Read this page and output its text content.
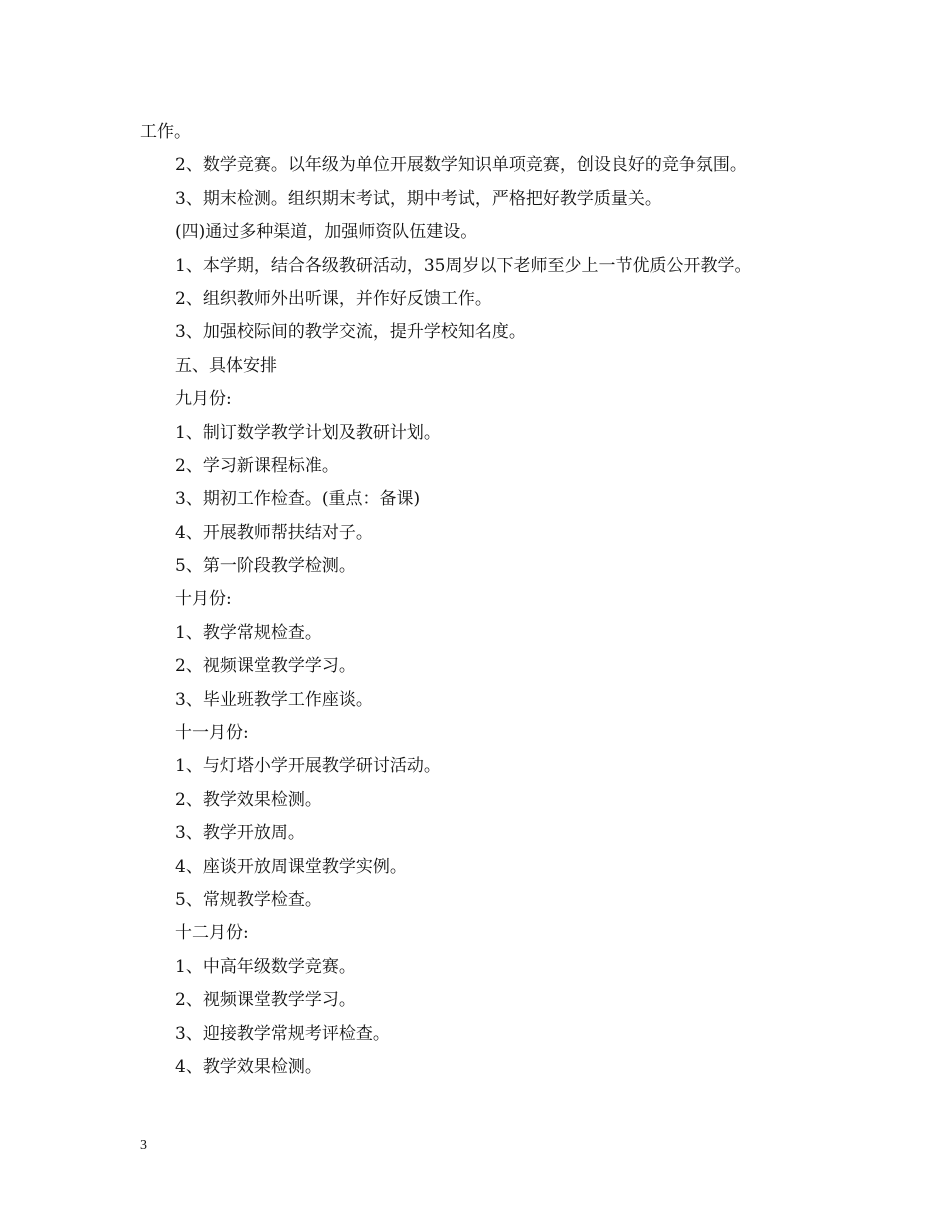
工作。
2、数学竞赛。以年级为单位开展数学知识单项竞赛，创设良好的竞争氛围。
3、期末检测。组织期末考试，期中考试，严格把好教学质量关。
(四)通过多种渠道，加强师资队伍建设。
1、本学期，结合各级教研活动，35周岁以下老师至少上一节优质公开教学。
2、组织教师外出听课，并作好反馈工作。
3、加强校际间的教学交流，提升学校知名度。
五、具体安排
九月份:
1、制订数学教学计划及教研计划。
2、学习新课程标准。
3、期初工作检查。(重点：备课)
4、开展教师帮扶结对子。
5、第一阶段教学检测。
十月份:
1、教学常规检查。
2、视频课堂教学学习。
3、毕业班教学工作座谈。
十一月份:
1、与灯塔小学开展教学研讨活动。
2、教学效果检测。
3、教学开放周。
4、座谈开放周课堂教学实例。
5、常规教学检查。
十二月份:
1、中高年级数学竞赛。
2、视频课堂教学学习。
3、迎接教学常规考评检查。
4、教学效果检测。
3
